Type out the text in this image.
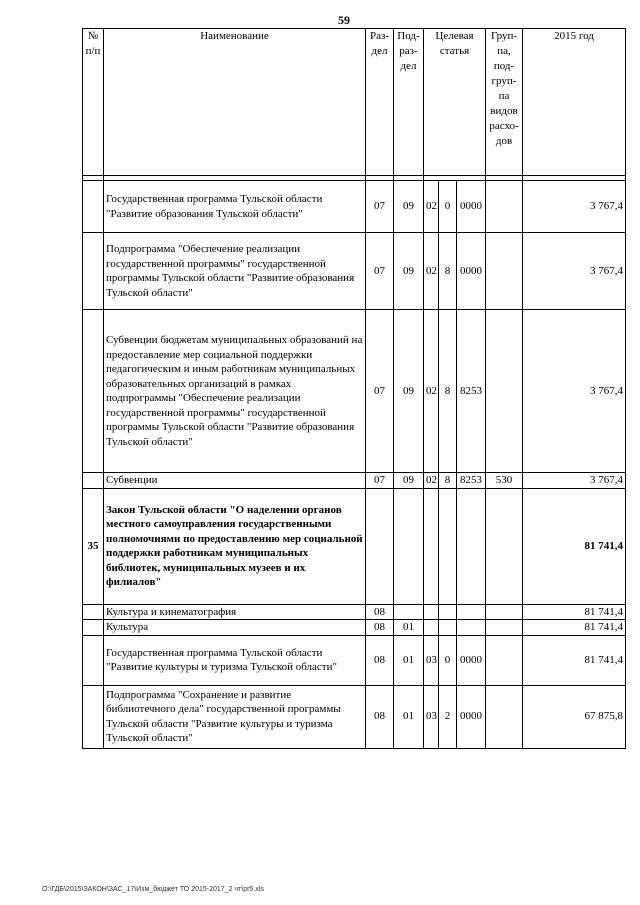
59
№ п/п	Наименование	Раз-дел	Под-раз-дел	Целевая статья			Груп-па, под-груп-па видов расхо-дов	2015 год

	Государственная программа Тульской области "Развитие образования Тульской области"	07	09	02	0	0000		3 767,4
	Подпрограмма "Обеспечение реализации государственной программы" государственной программы Тульской области "Развитие образования Тульской области"	07	09	02	8	0000		3 767,4
	Субвенции бюджетам муниципальных образований на предоставление мер социальной поддержки педагогическим и иным работникам муниципальных образовательных организаций в рамках подпрограммы "Обеспечение реализации государственной программы" государственной программы Тульской области "Развитие образования Тульской области"	07	09	02	8	8253		3 767,4
	Субвенции	07	09	02	8	8253	530	3 767,4
35	Закон Тульской области "О наделении органов местного самоуправления государственными полномочиями по предоставлению мер социальной поддержки работникам муниципальных библиотек, муниципальных музеев и их филиалов"							81 741,4
	Культура и кинематография	08						81 741,4
	Культура	08	01					81 741,4
	Государственная программа Тульской области "Развитие культуры и туризма Тульской области"	08	01	03	0	0000		81 741,4
	Подпрограмма "Сохранение и развитие библиотечного дела" государственной программы Тульской области "Развитие культуры и туризма Тульской области"	08	01	03	2	0000		67 875,8
O:\ГДБ\2015\ЗАКОН\ЗАС_17\Изм_бюджет ТО 2015-2017_2 чт\pr5.xls
